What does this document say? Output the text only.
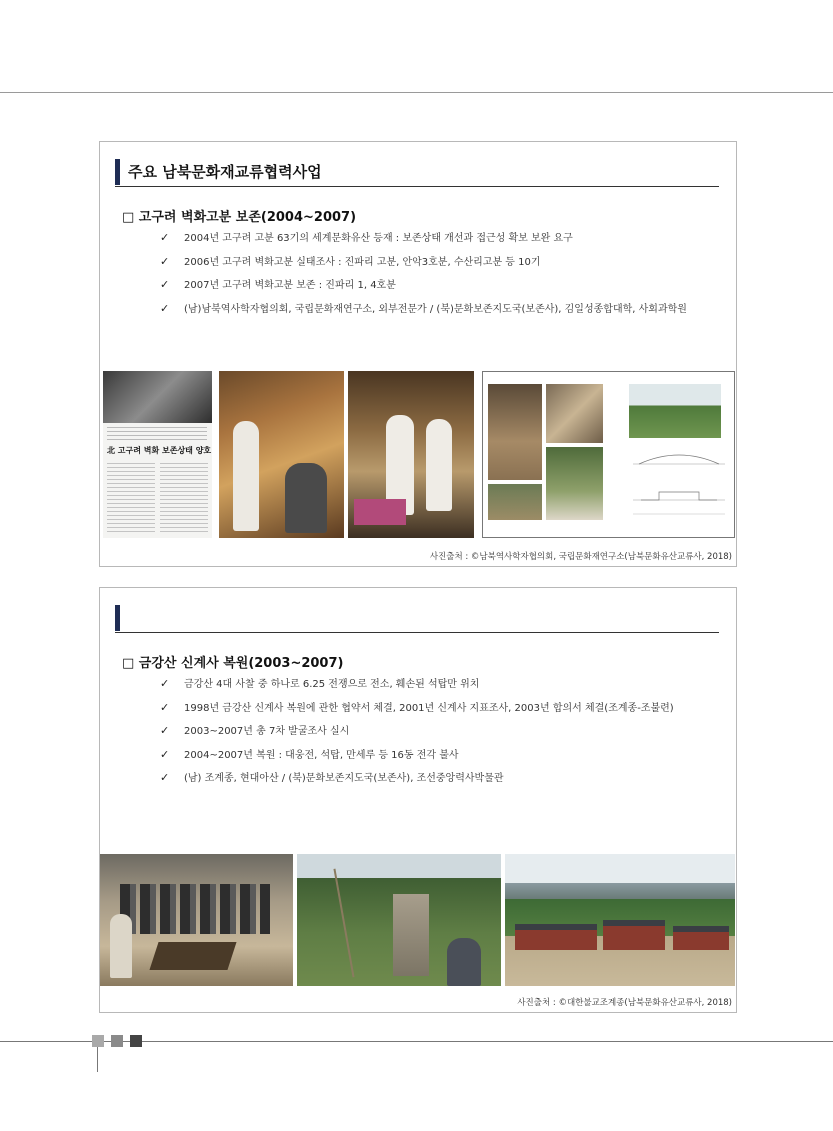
주요 남북문화재교류협력사업
□ 고구려 벽화고분 보존(2004~2007)
✓ 2004년 고구려 고분 63기의 세계문화유산 등재 : 보존상태 개선과 접근성 확보 보완 요구
✓ 2006년 고구려 벽화고분 실태조사 : 진파리 고분, 안악3호분, 수산리고분 등 10기
✓ 2007년 고구려 벽화고분 보존 : 진파리 1, 4호분
✓ (남)남북역사학자협의회, 국립문화재연구소, 외부전문가 / (북)문화보존지도국(보존사), 김일성종합대학, 사회과학원
北 고구려 벽화 보존상태 양호
사진출처 : ©남북역사학자협의회, 국립문화재연구소(남북문화유산교류사, 2018)
□ 금강산 신계사 복원(2003~2007)
✓ 금강산 4대 사찰 중 하나로 6.25 전쟁으로 전소, 훼손된 석탑만 위치
✓ 1998년 금강산 신계사 복원에 관한 협약서 체결, 2001년 신계사 지표조사, 2003년 합의서 체결(조계종-조불련)
✓ 2003~2007년 총 7차 발굴조사 실시
✓ 2004~2007년 복원 : 대웅전, 석탑, 만세루 등 16동 전각 불사
✓ (남) 조계종, 현대아산 / (북)문화보존지도국(보존사), 조선중앙력사박물관
사진출처 : ©대한불교조계종(남북문화유산교류사, 2018)
